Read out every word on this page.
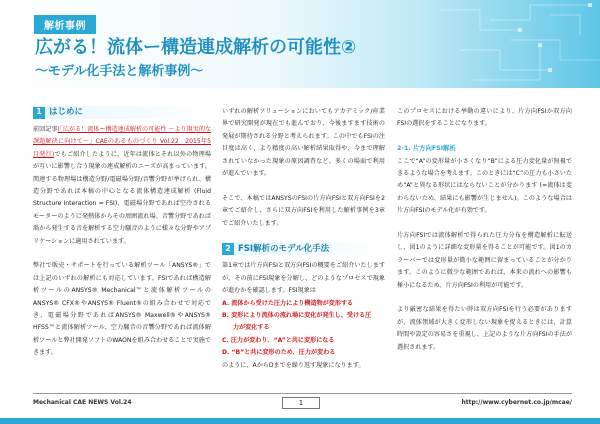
解析事例
広がる！流体ー構造連成解析の可能性②
〜モデル化手法と解析事例〜
1 はじめに

前回記事(「広がる！流体ー構造連成解析の可能性 〜より現実的な課題解決に向けて〜」CAEのあるものづくり Vol.22　2015年5月発行)でもご紹介したように、近年は流体とそれ以外の物理場が互いに影響し合う現象の連成解析のニーズが高まっています。関連する物理場は構造分野/電磁場分野/音響分野が挙げられ、構造分野であれば本稿の中心となる流体構造連成解析 (Fluid Structure Interaction = FSI)、電磁場分野であれば空冷されるモーターのように発熱体からその周囲流れ場、音響分野であれば渦から発生する音を解析する空力騒音のように様々な分野やアプリケーションに適用されています。

弊社で販売・サポートを行っている解析ツール「ANSYS®」では上記のいずれの解析にも対応しています。FSIであれば構造解析ツールのANSYS® Mechanical™と流体解析ツールのANSYS® CFX®やANSYS® Fluent®の組み合わせで対応でき、電磁場分野であればANSYS® Maxwell®やANSYS® HFSS™と流体解析ツール、空力騒音の音響分野であれば流体解析ツールと弊社開発ソフトのWAONを組み合わせることで実施できます。

いずれの解析ソリューションにおいてもアカデミック/産業界で研究開発が現在でも進んでおり、今後ますます技術の発展が期待される分野と考えられます。この中でもFSIの注目度は高く、より精度の高い解析結果取得や、今まで理解されていなかった現象の原因調査など、多くの場面で利用が進んでいます。

そこで、本稿ではANSYSのFSIの片方向FSIと双方向FSIを2章でご紹介し、さらに双方向FSIを利用した解析事例を3章でご紹介いたします。

2 FSI解析のモデル化手法
第1章では片方向FSIと双方向FSIの概要をご紹介いたしますが、その前にFSI現象を分解し、どのようなプロセスで現象が進むかを確認します。FSI現象は
A. 流体から受けた圧力により構造物が変形する
B. 変形により流体の流れ場に変化が発生し、受ける圧
力が変化する
C. 圧力が変わり、“A”と共に変形になる
D. “B”と共に変形のため、圧力が変わる
のように、AからDまでを繰り返す現象になります。

このプロセスにおける挙動の違いにより、片方向FSIか双方向FSIの選択をすることになります。

2-1. 片方向FSI解析

ここで“A”の変形量が小さくなり“B”による圧力変化量が無視できるような場合を考えます。このときには“C”の圧力も小さいため“A”と異なる形状にはならないことが分かります (=流体は変わらないため、結果にも影響が生じません)。このような場合は片方向FSIのモデル化が有効です。

片方向FSIでは流体解析で得られた圧力分布を構造解析に転送し、図1のように詳細な変形量を得ることが可能です。図1のカラーバーでは変形量が微小な範囲に留まっていることが分かります。このように微少な範囲であれば、本来の流れへの影響も極小になるため、片方向FSIの利用が可能です。

より厳密な結果を得たい時は双方向FSIを行う必要がありますが、流体領域が大きく変形しない現象を捉えるときには、計算時間や設定の容易さを重視し、上記のような片方向FSIの手法が選択されます。

Mechanical CAE NEWS Vol.24	1	http://www.cybernet.co.jp/mcae/
